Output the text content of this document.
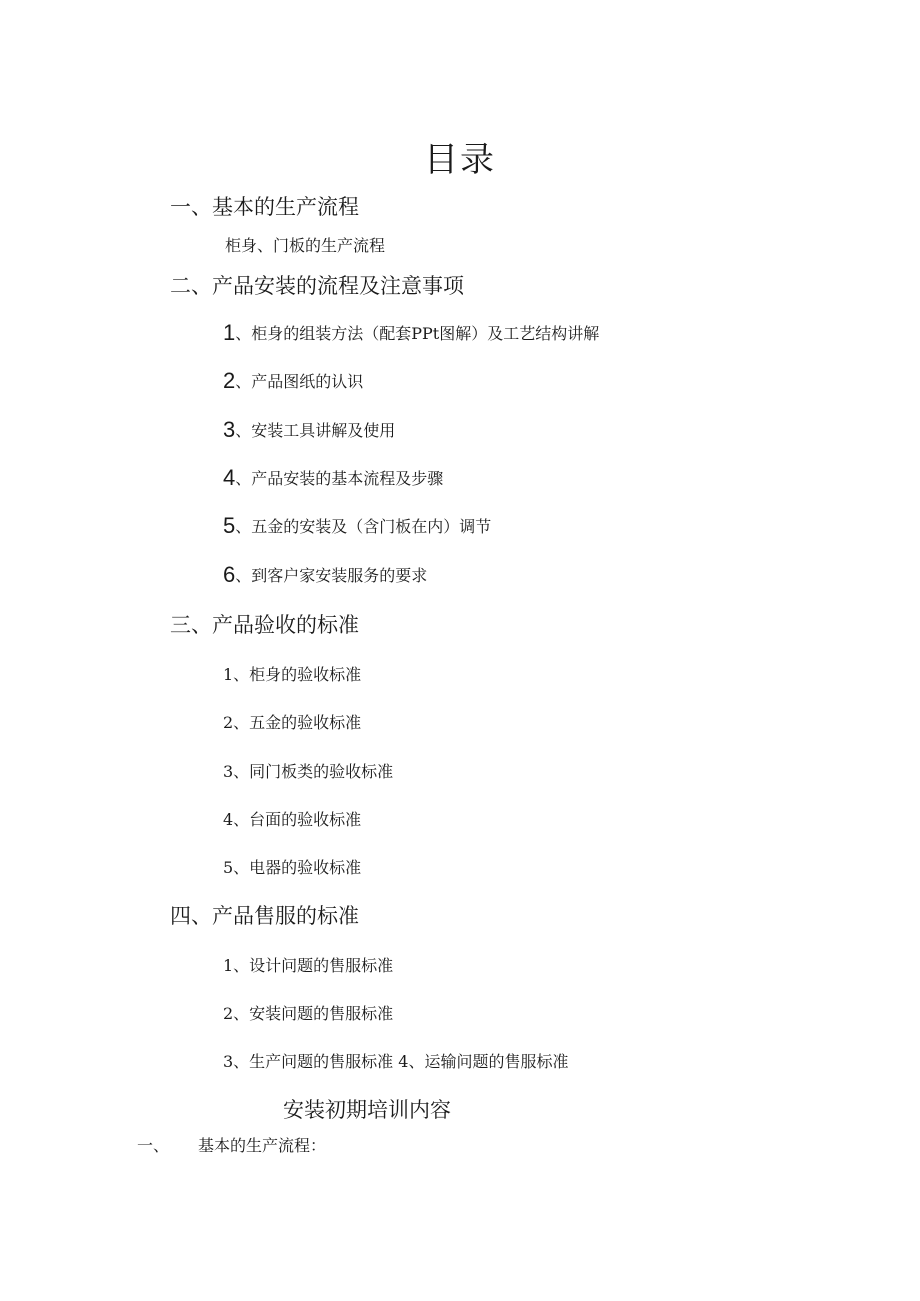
目录
一、基本的生产流程
柜身、门板的生产流程
二、产品安装的流程及注意事项
1、柜身的组装方法（配套PPt图解）及工艺结构讲解
2、产品图纸的认识
3、安装工具讲解及使用
4、产品安装的基本流程及步骤
5、五金的安装及（含门板在内）调节
6、到客户家安装服务的要求
三、产品验收的标准
1、柜身的验收标准
2、五金的验收标准
3、同门板类的验收标准
4、台面的验收标准
5、电器的验收标准
四、产品售服的标准
1、设计问题的售服标准
2、安装问题的售服标准
3、生产问题的售服标准 4、运输问题的售服标准
安装初期培训内容
一、 基本的生产流程：
